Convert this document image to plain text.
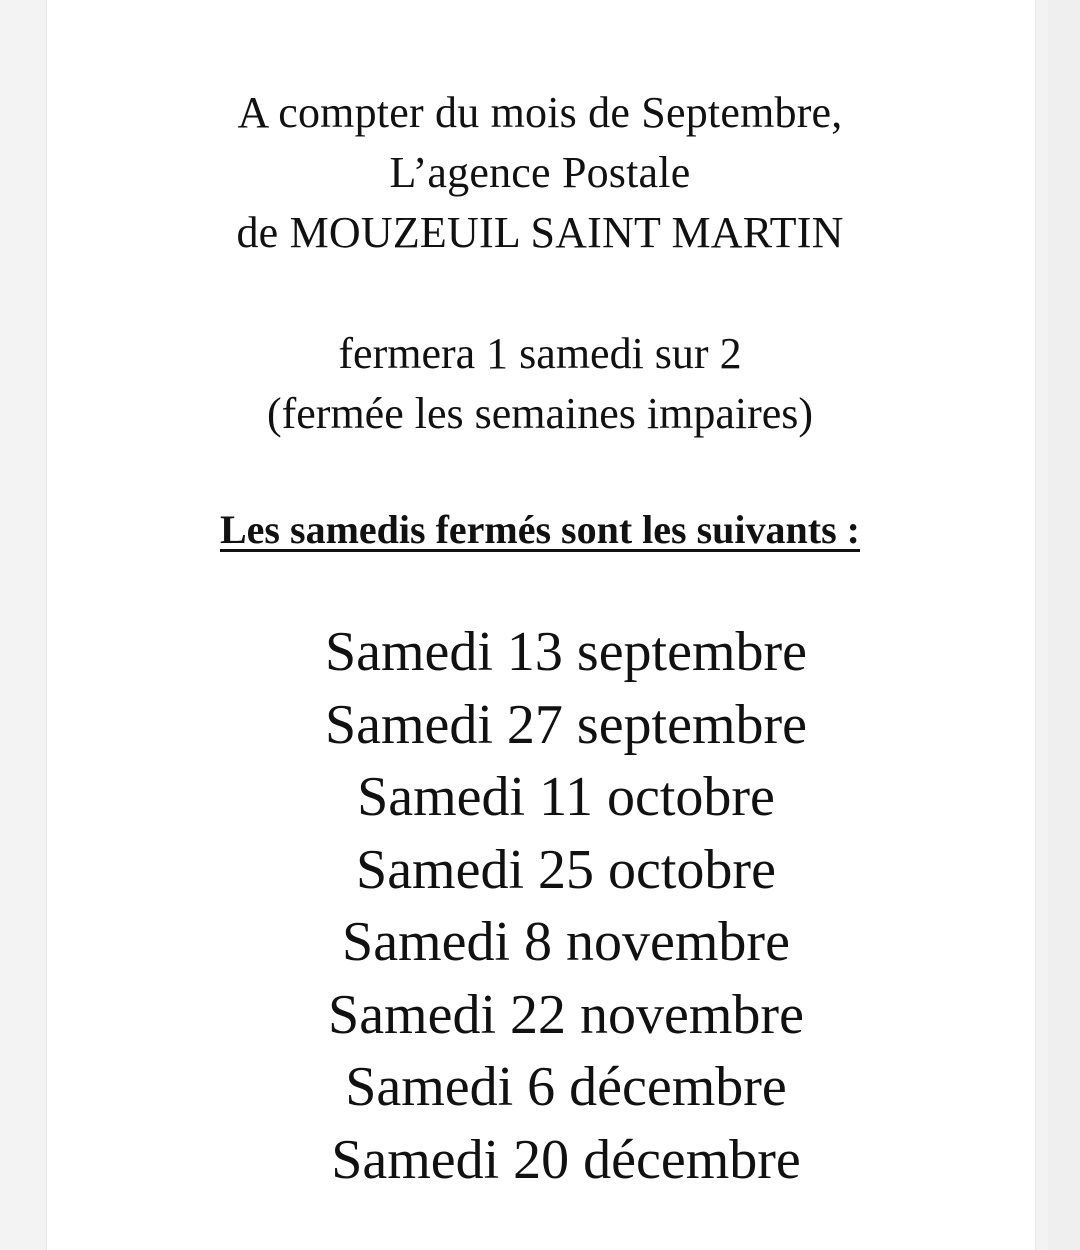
A compter du mois de Septembre,
L’agence Postale
de MOUZEUIL SAINT MARTIN
fermera 1 samedi sur 2
(fermée les semaines impaires)
Les samedis fermés sont les suivants :
Samedi 13 septembre
Samedi 27 septembre
Samedi 11 octobre
Samedi 25 octobre
Samedi 8 novembre
Samedi 22 novembre
Samedi 6 décembre
Samedi 20 décembre
